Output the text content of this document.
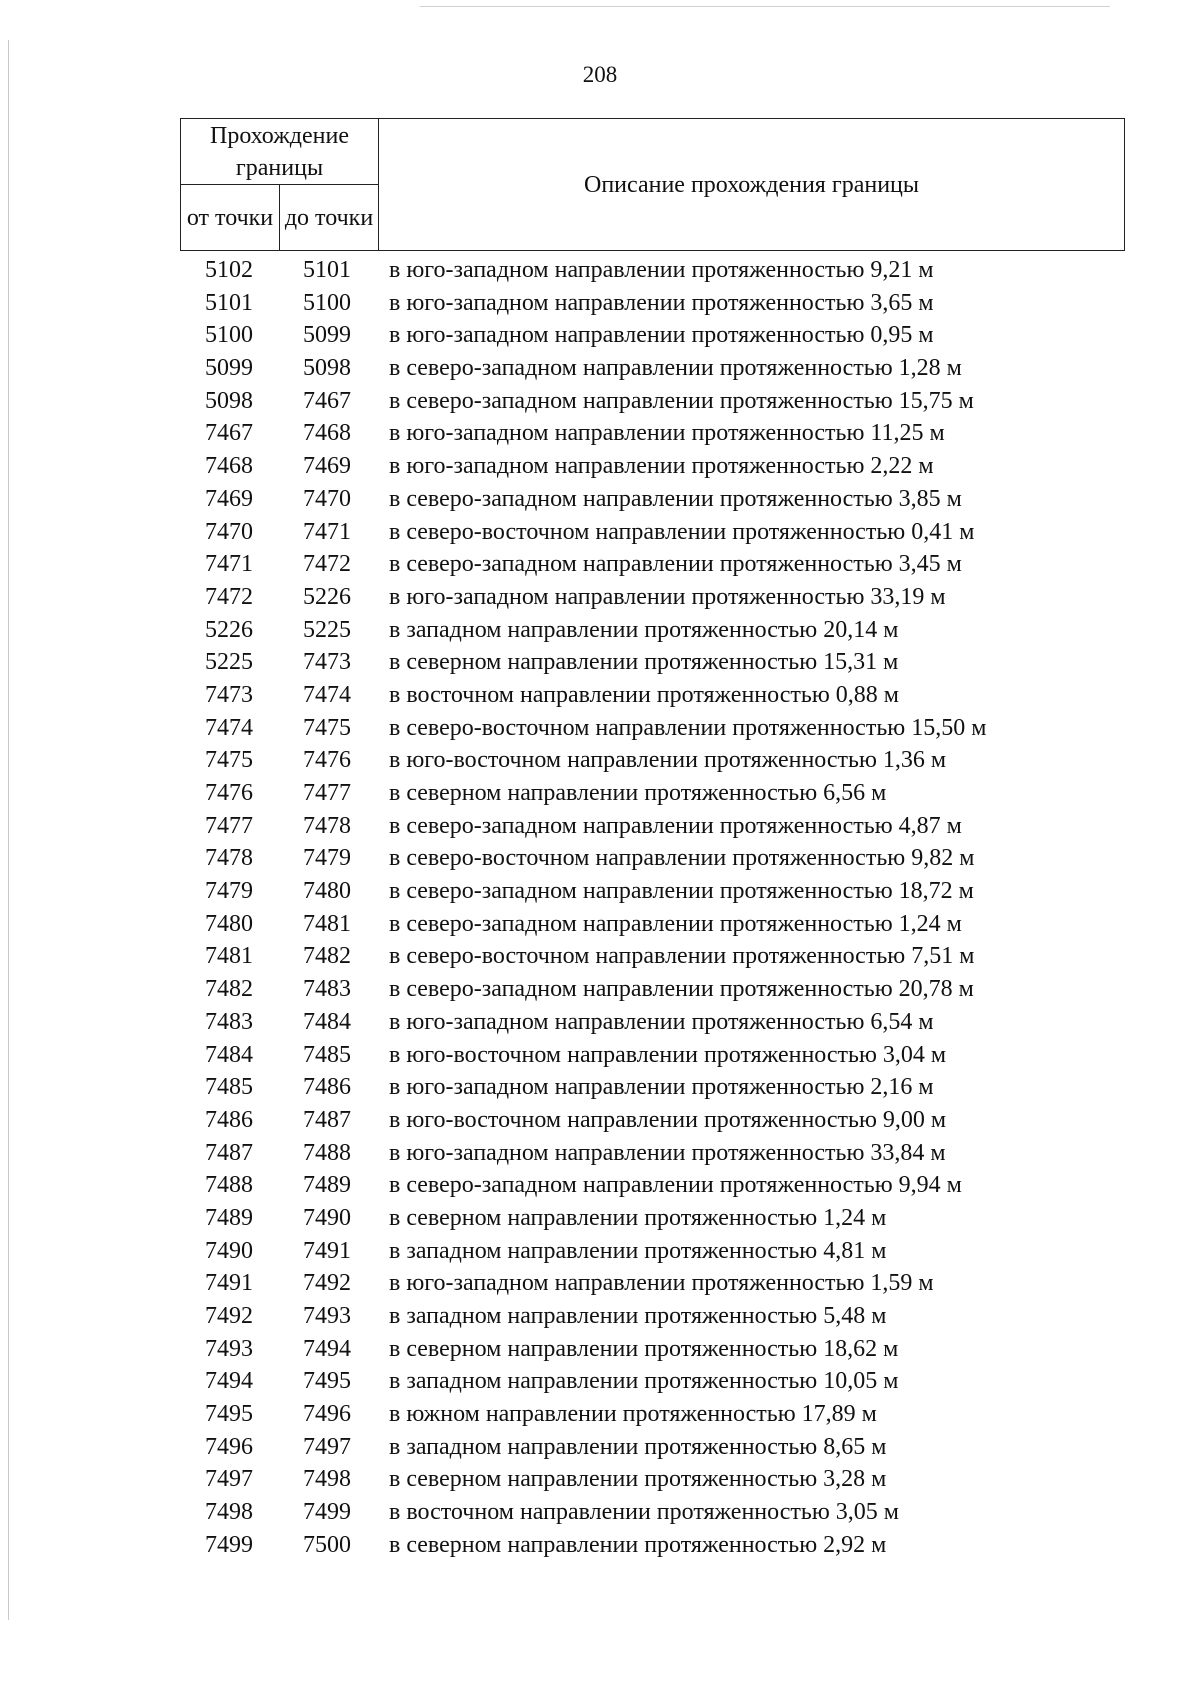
208
Прохождение границы		Описание прохождения границы
от точки	до точки	
5102	5101	в юго-западном направлении протяженностью 9,21 м
5101	5100	в юго-западном направлении протяженностью 3,65 м
5100	5099	в юго-западном направлении протяженностью 0,95 м
5099	5098	в северо-западном направлении протяженностью 1,28 м
5098	7467	в северо-западном направлении протяженностью 15,75 м
7467	7468	в юго-западном направлении протяженностью 11,25 м
7468	7469	в юго-западном направлении протяженностью 2,22 м
7469	7470	в северо-западном направлении протяженностью 3,85 м
7470	7471	в северо-восточном направлении протяженностью 0,41 м
7471	7472	в северо-западном направлении протяженностью 3,45 м
7472	5226	в юго-западном направлении протяженностью 33,19 м
5226	5225	в западном направлении протяженностью 20,14 м
5225	7473	в северном направлении протяженностью 15,31 м
7473	7474	в восточном направлении протяженностью 0,88 м
7474	7475	в северо-восточном направлении протяженностью 15,50 м
7475	7476	в юго-восточном направлении протяженностью 1,36 м
7476	7477	в северном направлении протяженностью 6,56 м
7477	7478	в северо-западном направлении протяженностью 4,87 м
7478	7479	в северо-восточном направлении протяженностью 9,82 м
7479	7480	в северо-западном направлении протяженностью 18,72 м
7480	7481	в северо-западном направлении протяженностью 1,24 м
7481	7482	в северо-восточном направлении протяженностью 7,51 м
7482	7483	в северо-западном направлении протяженностью 20,78 м
7483	7484	в юго-западном направлении протяженностью 6,54 м
7484	7485	в юго-восточном направлении протяженностью 3,04 м
7485	7486	в юго-западном направлении протяженностью 2,16 м
7486	7487	в юго-восточном направлении протяженностью 9,00 м
7487	7488	в юго-западном направлении протяженностью 33,84 м
7488	7489	в северо-западном направлении протяженностью 9,94 м
7489	7490	в северном направлении протяженностью 1,24 м
7490	7491	в западном направлении протяженностью 4,81 м
7491	7492	в юго-западном направлении протяженностью 1,59 м
7492	7493	в западном направлении протяженностью 5,48 м
7493	7494	в северном направлении протяженностью 18,62 м
7494	7495	в западном направлении протяженностью 10,05 м
7495	7496	в южном направлении протяженностью 17,89 м
7496	7497	в западном направлении протяженностью 8,65 м
7497	7498	в северном направлении протяженностью 3,28 м
7498	7499	в восточном направлении протяженностью 3,05 м
7499	7500	в северном направлении протяженностью 2,92 м
